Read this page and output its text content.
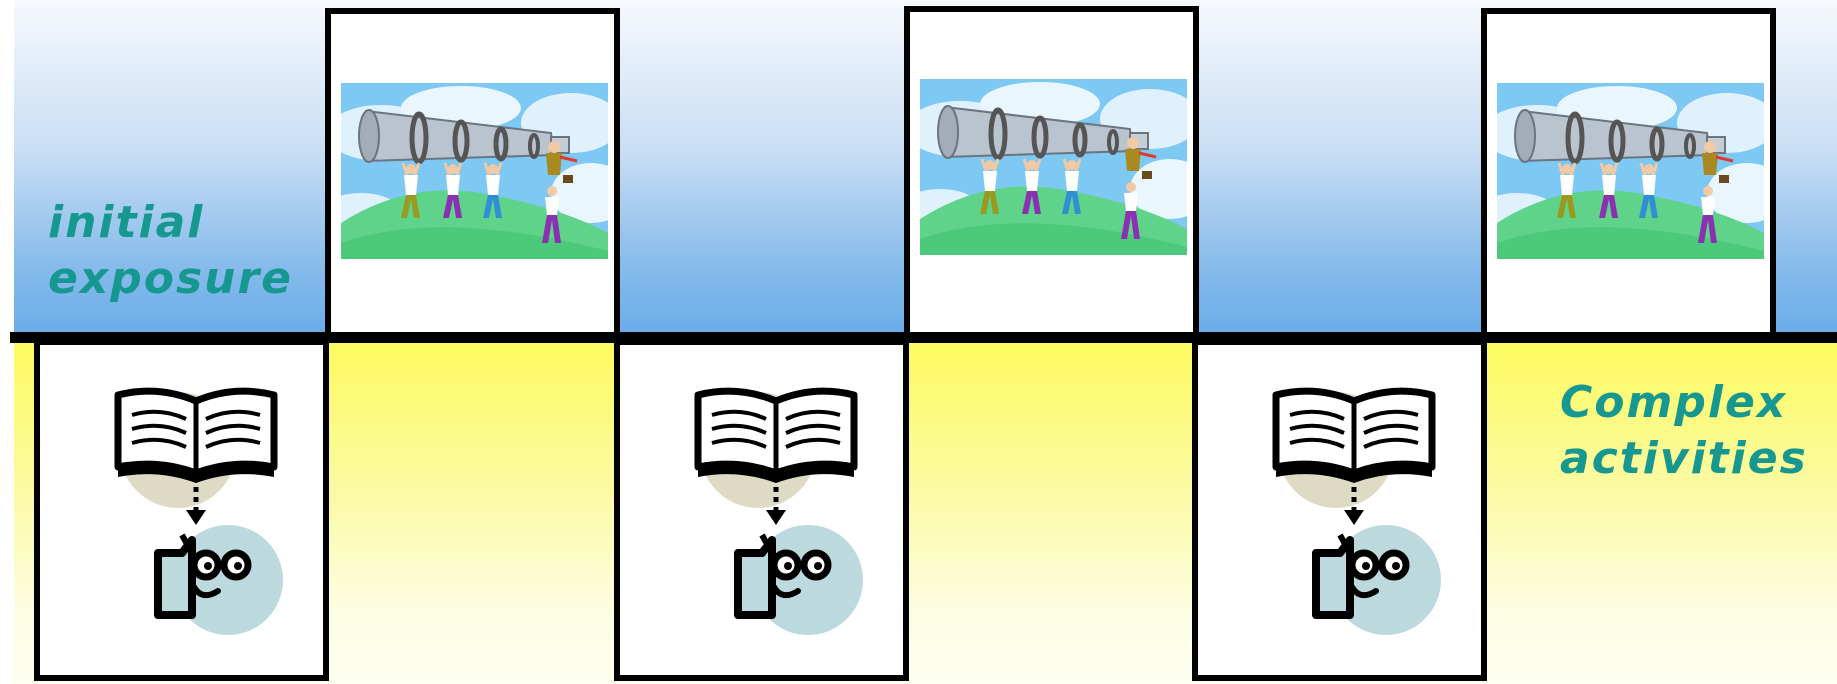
initial
exposure
Complex
activities
